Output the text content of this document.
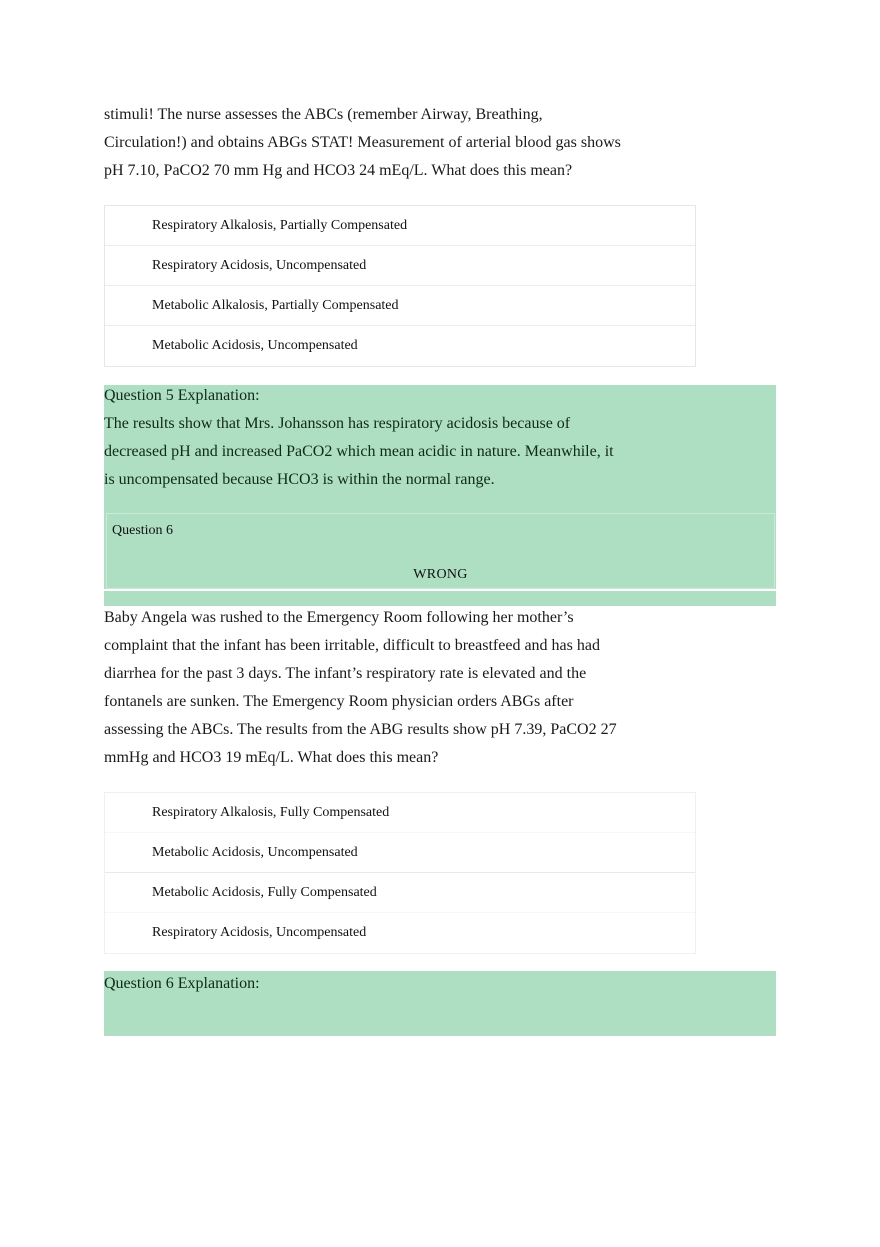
stimuli! The nurse assesses the ABCs (remember Airway, Breathing,
Circulation!) and obtains ABGs STAT! Measurement of arterial blood gas shows
pH 7.10, PaCO2 70 mm Hg and HCO3 24 mEq/L. What does this mean?

Respiratory Alkalosis, Partially Compensated
Respiratory Acidosis, Uncompensated
Metabolic Alkalosis, Partially Compensated
Metabolic Acidosis, Uncompensated
Question 5 Explanation:
The results show that Mrs. Johansson has respiratory acidosis because of
decreased pH and increased PaCO2 which mean acidic in nature. Meanwhile, it
is uncompensated because HCO3 is within the normal range.
Question 6
WRONG

Baby Angela was rushed to the Emergency Room following her mother’s
complaint that the infant has been irritable, difficult to breastfeed and has had
diarrhea for the past 3 days. The infant’s respiratory rate is elevated and the
fontanels are sunken. The Emergency Room physician orders ABGs after
assessing the ABCs. The results from the ABG results show pH 7.39, PaCO2 27
mmHg and HCO3 19 mEq/L. What does this mean?

Respiratory Alkalosis, Fully Compensated
Metabolic Acidosis, Uncompensated
Metabolic Acidosis, Fully Compensated
Respiratory Acidosis, Uncompensated
Question 6 Explanation:
